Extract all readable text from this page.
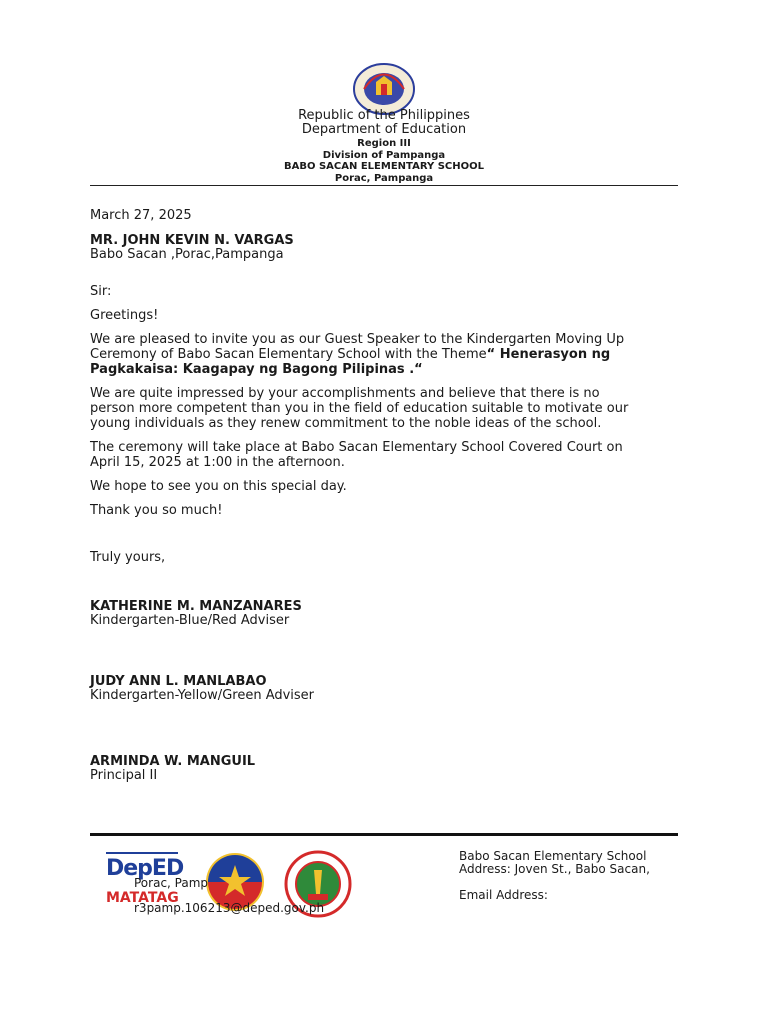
Republic of the Philippines
Department of Education
Region III
Division of Pampanga
BABO SACAN ELEMENTARY SCHOOL
Porac, Pampanga
March 27, 2025
MR. JOHN KEVIN N. VARGAS
Babo Sacan ,Porac,Pampanga
Sir:
Greetings!
We are pleased to invite you as our Guest Speaker to the Kindergarten Moving Up
Ceremony of Babo Sacan Elementary School with the Theme“ Henerasyon ng
Pagkakaisa: Kaagapay ng Bagong Pilipinas .“
We are quite impressed by your accomplishments and believe that there is no
person more competent than you in the field of education suitable to motivate our
young individuals as they renew commitment to the noble ideas of the school.
The ceremony will take place at Babo Sacan Elementary School Covered Court on
April 15, 2025 at 1:00 in the afternoon.
We hope to see you on this special day.
Thank you so much!
Truly yours,
KATHERINE M. MANZANARES
Kindergarten-Blue/Red Adviser
JUDY ANN L. MANLABAO
Kindergarten-Yellow/Green Adviser
ARMINDA W. MANGUIL
Principal II
DepED
MATATAG
Porac, Pamp
r3pamp.106213@deped.gov.ph
Babo Sacan Elementary School
Address: Joven St., Babo Sacan,
Email Address:
